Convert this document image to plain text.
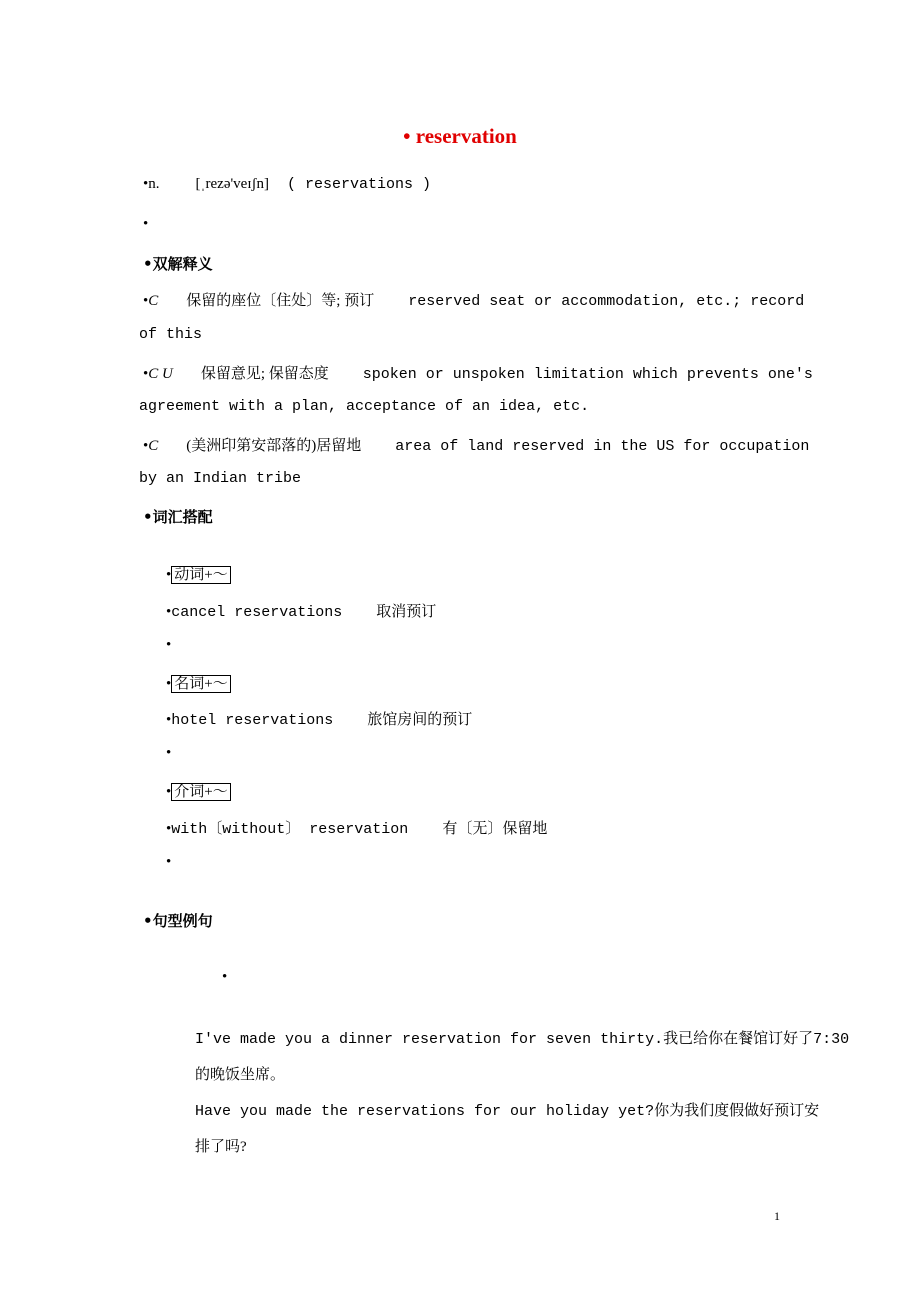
• reservation
•n. [ˌrezə'veɪʃn] ( reservations )
•
•双解释义
•C 保留的座位〔住处〕等; 预订 reserved seat or accommodation, etc.; record
of this
•C U 保留意见; 保留态度 spoken or unspoken limitation which prevents one's
agreement with a plan, acceptance of an idea, etc.
•C (美洲印第安部落的)居留地 area of land reserved in the US for occupation
by an Indian tribe
•词汇搭配
• 动词+～
•cancel reservations 取消预订
•
• 名词+～
•hotel reservations 旅馆房间的预订
•
• 介词+～
•with〔without〕 reservation 有〔无〕保留地
•
•句型例句
•
I've made you a dinner reservation for seven thirty.我已给你在餐馆订好了7:30
的晚饭坐席。
Have you made the reservations for our holiday yet?你为我们度假做好预订安
排了吗?
1
